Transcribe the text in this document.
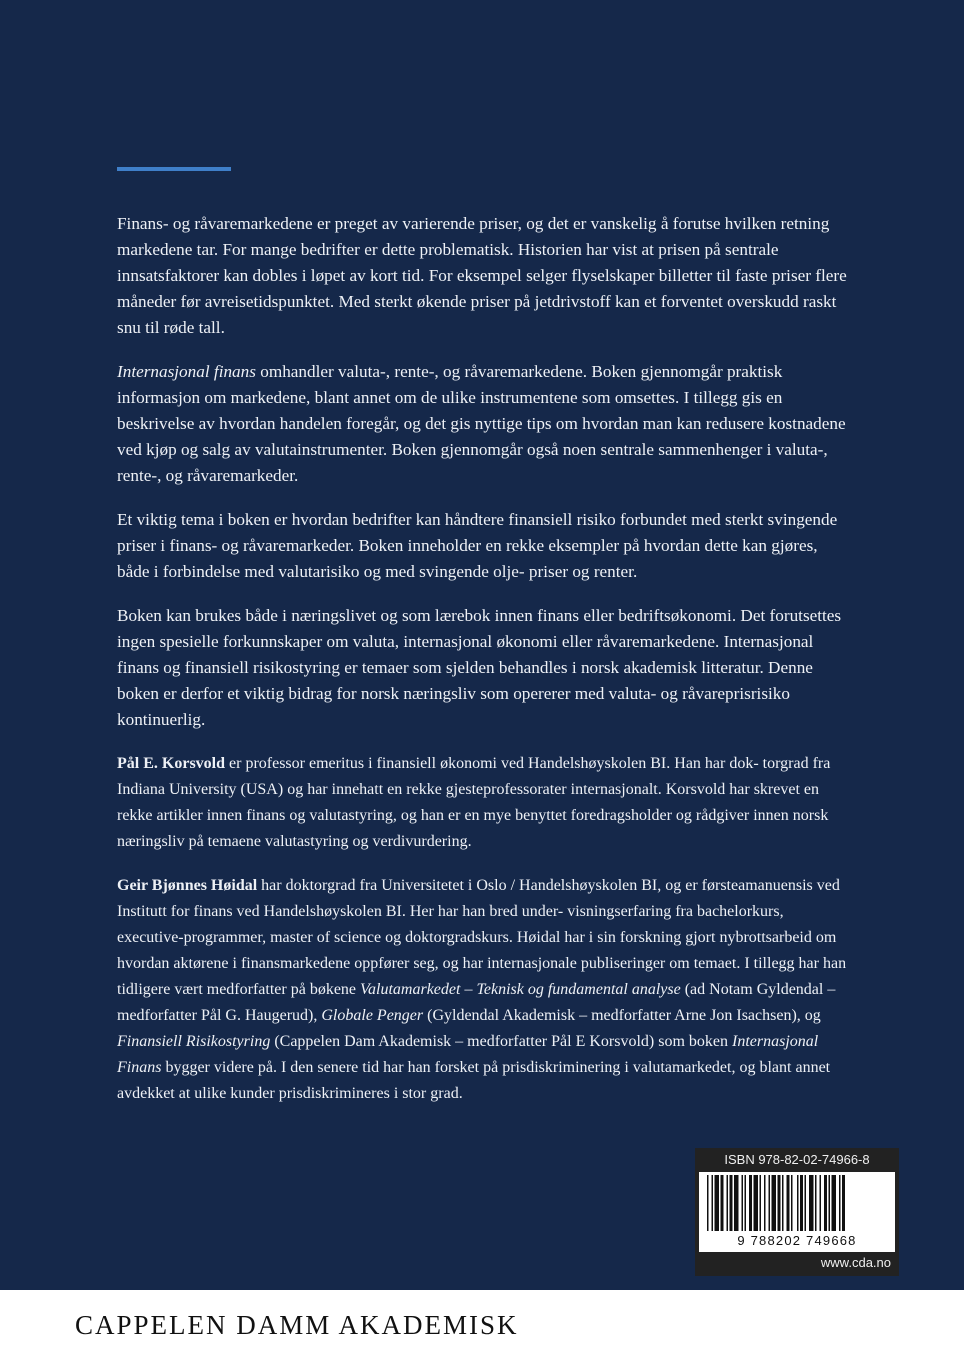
Finans- og råvaremarkedene er preget av varierende priser, og det er vanskelig å forutse hvilken retning markedene tar. For mange bedrifter er dette problematisk. Historien har vist at prisen på sentrale innsatsfaktorer kan dobles i løpet av kort tid. For eksempel selger flyselskaper billetter til faste priser flere måneder før avreisetidspunktet. Med sterkt økende priser på jetdrivstoff kan et forventet overskudd raskt snu til røde tall.

Internasjonal finans omhandler valuta-, rente-, og råvaremarkedene. Boken gjennomgår praktisk informasjon om markedene, blant annet om de ulike instrumentene som omsettes. I tillegg gis en beskrivelse av hvordan handelen foregår, og det gis nyttige tips om hvordan man kan redusere kostnadene ved kjøp og salg av valutainstrumenter. Boken gjennomgår også noen sentrale sammenhenger i valuta-, rente-, og råvaremarkeder.

Et viktig tema i boken er hvordan bedrifter kan håndtere finansiell risiko forbundet med sterkt svingende priser i finans- og råvaremarkeder. Boken inneholder en rekke eksempler på hvordan dette kan gjøres, både i forbindelse med valutarisiko og med svingende olje- priser og renter.

Boken kan brukes både i næringslivet og som lærebok innen finans eller bedriftsøkonomi. Det forutsettes ingen spesielle forkunnskaper om valuta, internasjonal økonomi eller råvaremarkedene. Internasjonal finans og finansiell risikostyring er temaer som sjelden behandles i norsk akademisk litteratur. Denne boken er derfor et viktig bidrag for norsk næringsliv som opererer med valuta- og råvareprisrisiko kontinuerlig.

Pål E. Korsvold er professor emeritus i finansiell økonomi ved Handelshøyskolen BI. Han har dok- torgrad fra Indiana University (USA) og har innehatt en rekke gjesteprofessorater internasjonalt. Korsvold har skrevet en rekke artikler innen finans og valutastyring, og han er en mye benyttet foredragsholder og rådgiver innen norsk næringsliv på temaene valutastyring og verdivurdering.

Geir Bjønnes Høidal har doktorgrad fra Universitetet i Oslo / Handelshøyskolen BI, og er førsteamanuensis ved Institutt for finans ved Handelshøyskolen BI. Her har han bred under- visningserfaring fra bachelorkurs, executive-programmer, master of science og doktorgradskurs. Høidal har i sin forskning gjort nybrottsarbeid om hvordan aktørene i finansmarkedene oppfører seg, og har internasjonale publiseringer om temaet. I tillegg har han tidligere vært medforfatter på bøkene Valutamarkedet – Teknisk og fundamental analyse (ad Notam Gyldendal – medforfatter Pål G. Haugerud), Globale Penger (Gyldendal Akademisk – medforfatter Arne Jon Isachsen), og Finansiell Risikostyring (Cappelen Dam Akademisk – medforfatter Pål E Korsvold) som boken Internasjonal Finans bygger videre på. I den senere tid har han forsket på prisdiskriminering i valutamarkedet, og blant annet avdekket at ulike kunder prisdiskrimineres i stor grad.

ISBN 978-82-02-74966-8
9 788202 749668
www.cda.no
CAPPELEN DAMM AKADEMISK
